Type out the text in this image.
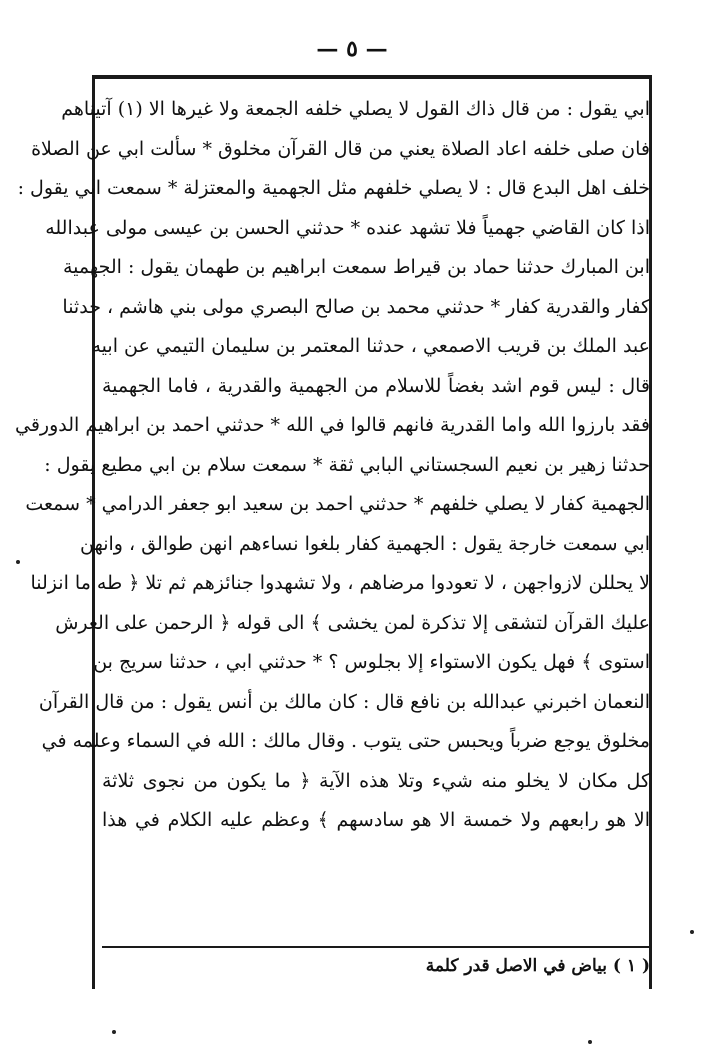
— ٥ —
ابي يقول : من قال ذاك القول لا يصلي خلفه الجمعة ولا غيرها الا (١) آتيناهم
فان صلى خلفه اعاد الصلاة يعني من قال القرآن مخلوق * سألت ابي عن الصلاة
خلف اهل البدع قال : لا يصلي خلفهم مثل الجهمية والمعتزلة * سمعت ابي يقول :
اذا كان القاضي جهمياً فلا تشهد عنده * حدثني الحسن بن عيسى مولى عبدالله
ابن المبارك حدثنا حماد بن قيراط سمعت ابراهيم بن طهمان يقول : الجهمية
كفار والقدرية كفار * حدثني محمد بن صالح البصري مولى بني هاشم ، حدثنا
عبد الملك بن قريب الاصمعي ، حدثنا المعتمر بن سليمان التيمي عن ابيه
قال : ليس قوم اشد بغضاً للاسلام من الجهمية والقدرية ، فاما الجهمية
فقد بارزوا الله واما القدرية فانهم قالوا في الله * حدثني احمد بن ابراهيم الدورقي
حدثنا زهير بن نعيم السجستاني البابي ثقة * سمعت سلام بن ابي مطيع يقول :
الجهمية كفار لا يصلي خلفهم * حدثني احمد بن سعيد ابو جعفر الدرامي * سمعت
ابي سمعت خارجة يقول : الجهمية كفار بلغوا نساءهم انهن طوالق ، وانهن
لا يحللن لازواجهن ، لا تعودوا مرضاهم ، ولا تشهدوا جنائزهم ثم تلا ﴿ طه ما انزلنا
عليك القرآن لتشقى إلا تذكرة لمن يخشى ﴾ الى قوله ﴿ الرحمن على العرش
استوى ﴾ فهل يكون الاستواء إلا بجلوس ؟ * حدثني ابي ، حدثنا سريج بن
النعمان اخبرني عبدالله بن نافع قال : كان مالك بن أنس يقول : من قال القرآن
مخلوق يوجع ضرباً ويحبس حتى يتوب . وقال مالك : الله في السماء وعلمه في
كل مكان لا يخلو منه شيء وتلا هذه الآية ﴿ ما يكون من نجوى ثلاثة
الا هو رابعهم ولا خمسة الا هو سادسهم ﴾ وعظم عليه الكلام في هذا
( ١ ) بياض في الاصل قدر كلمة
